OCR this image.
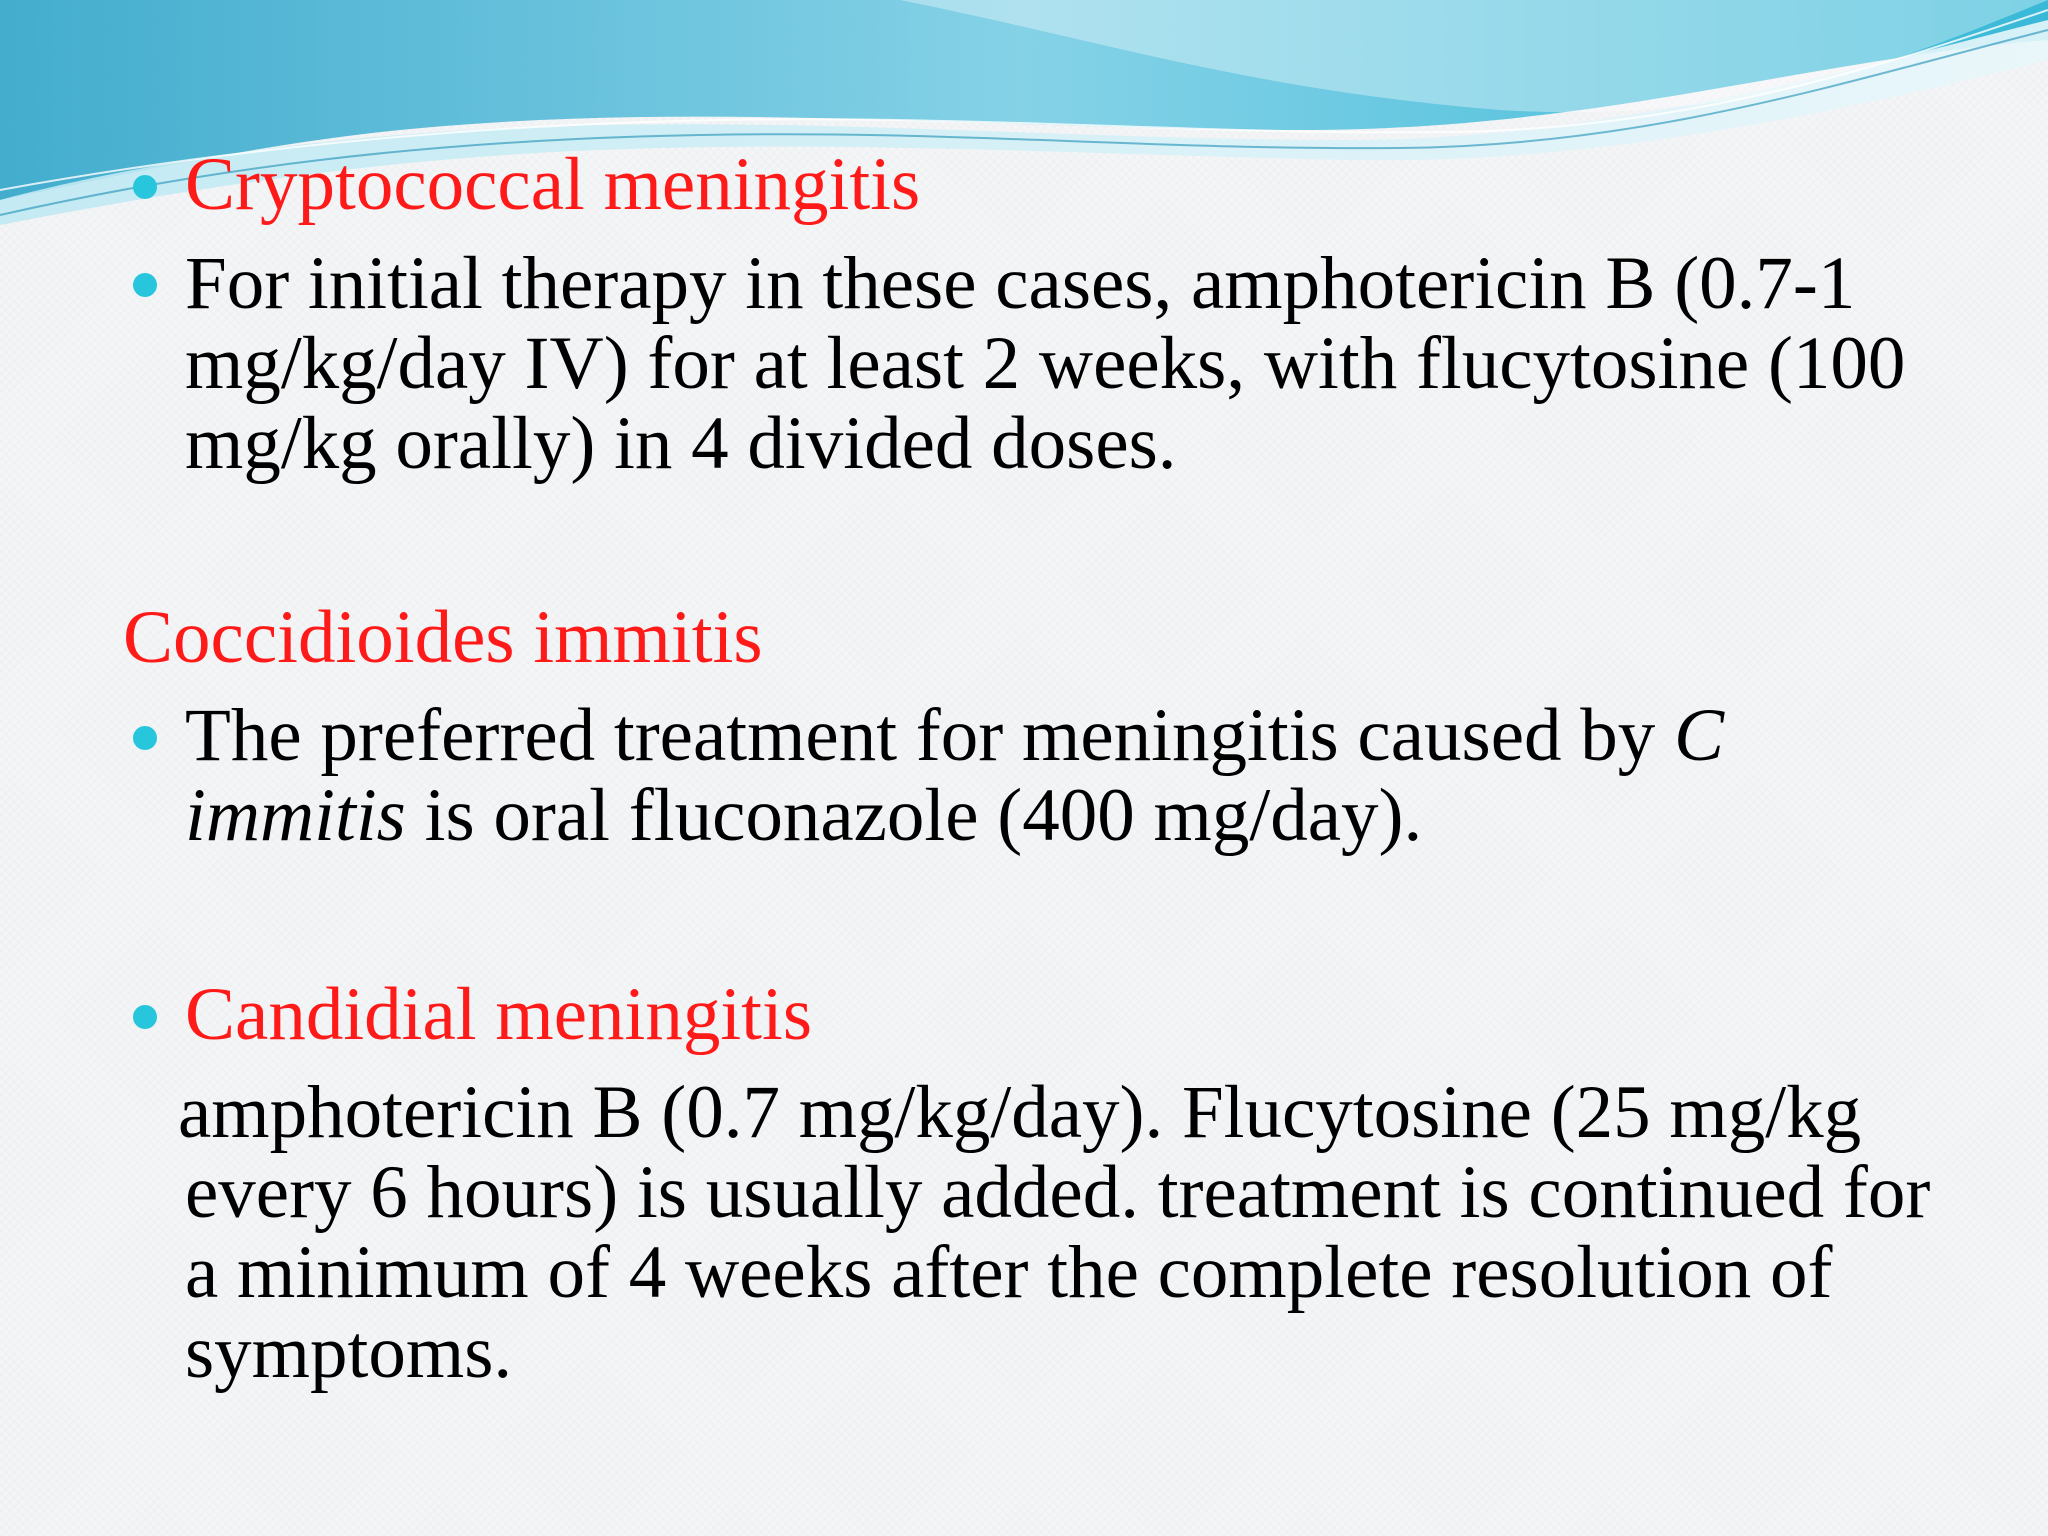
Cryptococcal meningitis
For initial therapy in these cases, amphotericin B (0.7-1
mg/kg/day IV) for at least 2 weeks, with flucytosine (100
mg/kg orally) in 4 divided doses.
Coccidioides immitis
The preferred treatment for meningitis caused by C
immitis is oral fluconazole (400 mg/day).
Candidial meningitis
amphotericin B (0.7 mg/kg/day). Flucytosine (25 mg/kg
every 6 hours) is usually added. treatment is continued for
a minimum of 4 weeks after the complete resolution of
symptoms.
